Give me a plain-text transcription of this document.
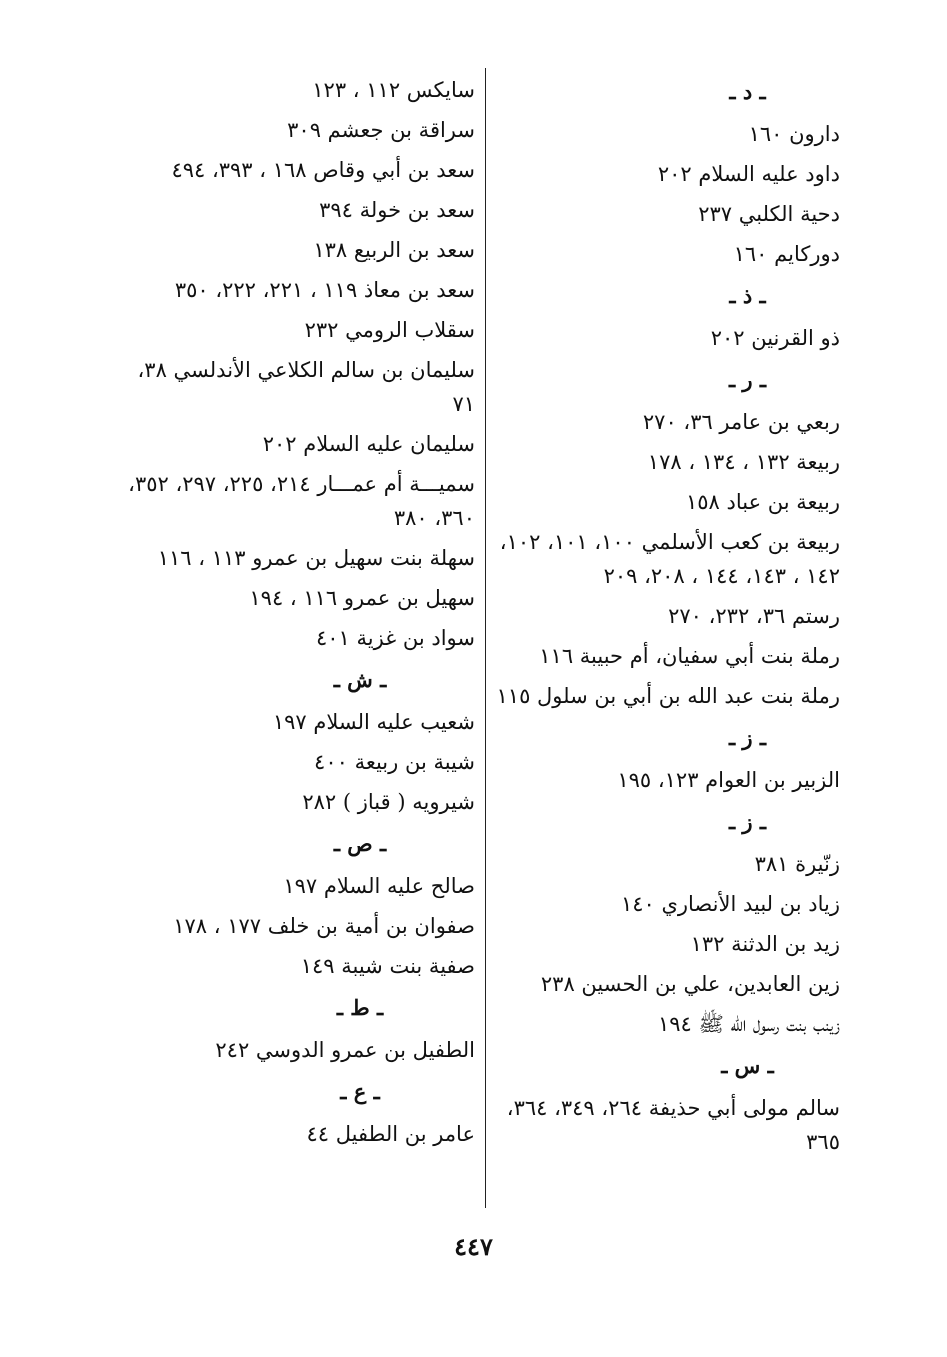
ـ د ـ
دارون ١٦٠
داود عليه السلام ٢٠٢
دحية الكلبي ٢٣٧
دوركايم ١٦٠
ـ ذ ـ
ذو القرنين ٢٠٢
ـ ر ـ
ربعي بن عامر ٣٦، ٢٧٠
ربيعة ١٣٢ ، ١٣٤ ، ١٧٨
ربيعة بن عباد ١٥٨
ربيعة بن كعب الأسلمي ١٠٠، ١٠١، ١٠٢، ١٤٢ ، ١٤٣، ١٤٤ ، ٢٠٨، ٢٠٩
رستم ٣٦، ٢٣٢، ٢٧٠
رملة بنت أبي سفيان، أم حبيبة ١١٦
رملة بنت عبد الله بن أبي بن سلول ١١٥
ـ ز ـ
الزبير بن العوام ١٢٣، ١٩٥
ـ ز ـ
زنّيرة ٣٨١
زياد بن لبيد الأنصاري ١٤٠
زيد بن الدثنة ١٣٢
زين العابدين، علي بن الحسين ٢٣٨
زينب بنت رسول الله ﷺ ١٩٤
ـ س ـ
سالم مولى أبي حذيفة ٢٦٤، ٣٤٩، ٣٦٤، ٣٦٥
سايكس ١١٢ ، ١٢٣
سراقة بن جعشم ٣٠٩
سعد بن أبي وقاص ١٦٨ ، ٣٩٣، ٤٩٤
سعد بن خولة ٣٩٤
سعد بن الربيع ١٣٨
سعد بن معاذ ١١٩ ، ٢٢١، ٢٢٢، ٣٥٠
سقلاب الرومي ٢٣٢
سليمان بن سالم الكلاعي الأندلسي ٣٨، ٧١
سليمان عليه السلام ٢٠٢
سميـــة أم عمـــار ٢١٤، ٢٢٥، ٢٩٧، ٣٥٢، ٣٦٠، ٣٨٠
سهلة بنت سهيل بن عمرو ١١٣ ، ١١٦
سهيل بن عمرو ١١٦ ، ١٩٤
سواد بن غزية ٤٠١
ـ ش ـ
شعيب عليه السلام ١٩٧
شيبة بن ربيعة ٤٠٠
شيرويه ( قباز ) ٢٨٢
ـ ص ـ
صالح عليه السلام ١٩٧
صفوان بن أمية بن خلف ١٧٧ ، ١٧٨
صفية بنت شيبة ١٤٩
ـ ط ـ
الطفيل بن عمرو الدوسي ٢٤٢
ـ ع ـ
عامر بن الطفيل ٤٤
٤٤٧
